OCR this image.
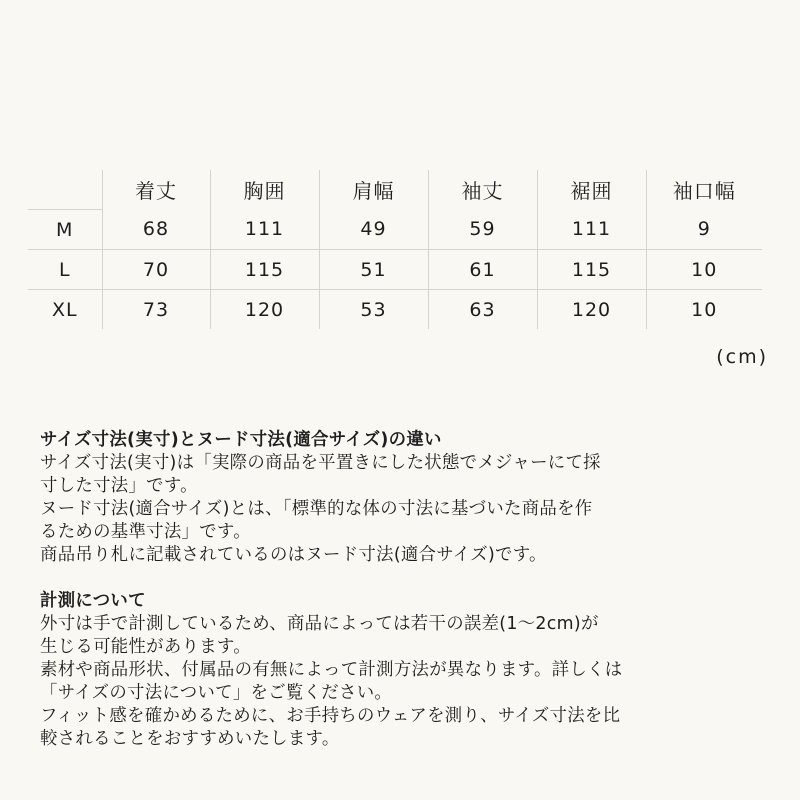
	着丈	胸囲	肩幅	袖丈	裾囲	袖口幅
M	68	111	49	59	111	9
L	70	115	51	61	115	10
XL	73	120	53	63	120	10
(cm)
サイズ寸法(実寸)とヌード寸法(適合サイズ)の違い

サイズ寸法(実寸)は「実際の商品を平置きにした状態でメジャーにて採
寸した寸法」です。

ヌード寸法(適合サイズ)とは、「標準的な体の寸法に基づいた商品を作
るための基準寸法」です。

商品吊り札に記載されているのはヌード寸法(適合サイズ)です。

計測について

外寸は手で計測しているため、商品によっては若干の誤差(1〜2cm)が
生じる可能性があります。

素材や商品形状、付属品の有無によって計測方法が異なります。詳しくは
「サイズの寸法について」をご覧ください。

フィット感を確かめるために、お手持ちのウェアを測り、サイズ寸法を比
較されることをおすすめいたします。
